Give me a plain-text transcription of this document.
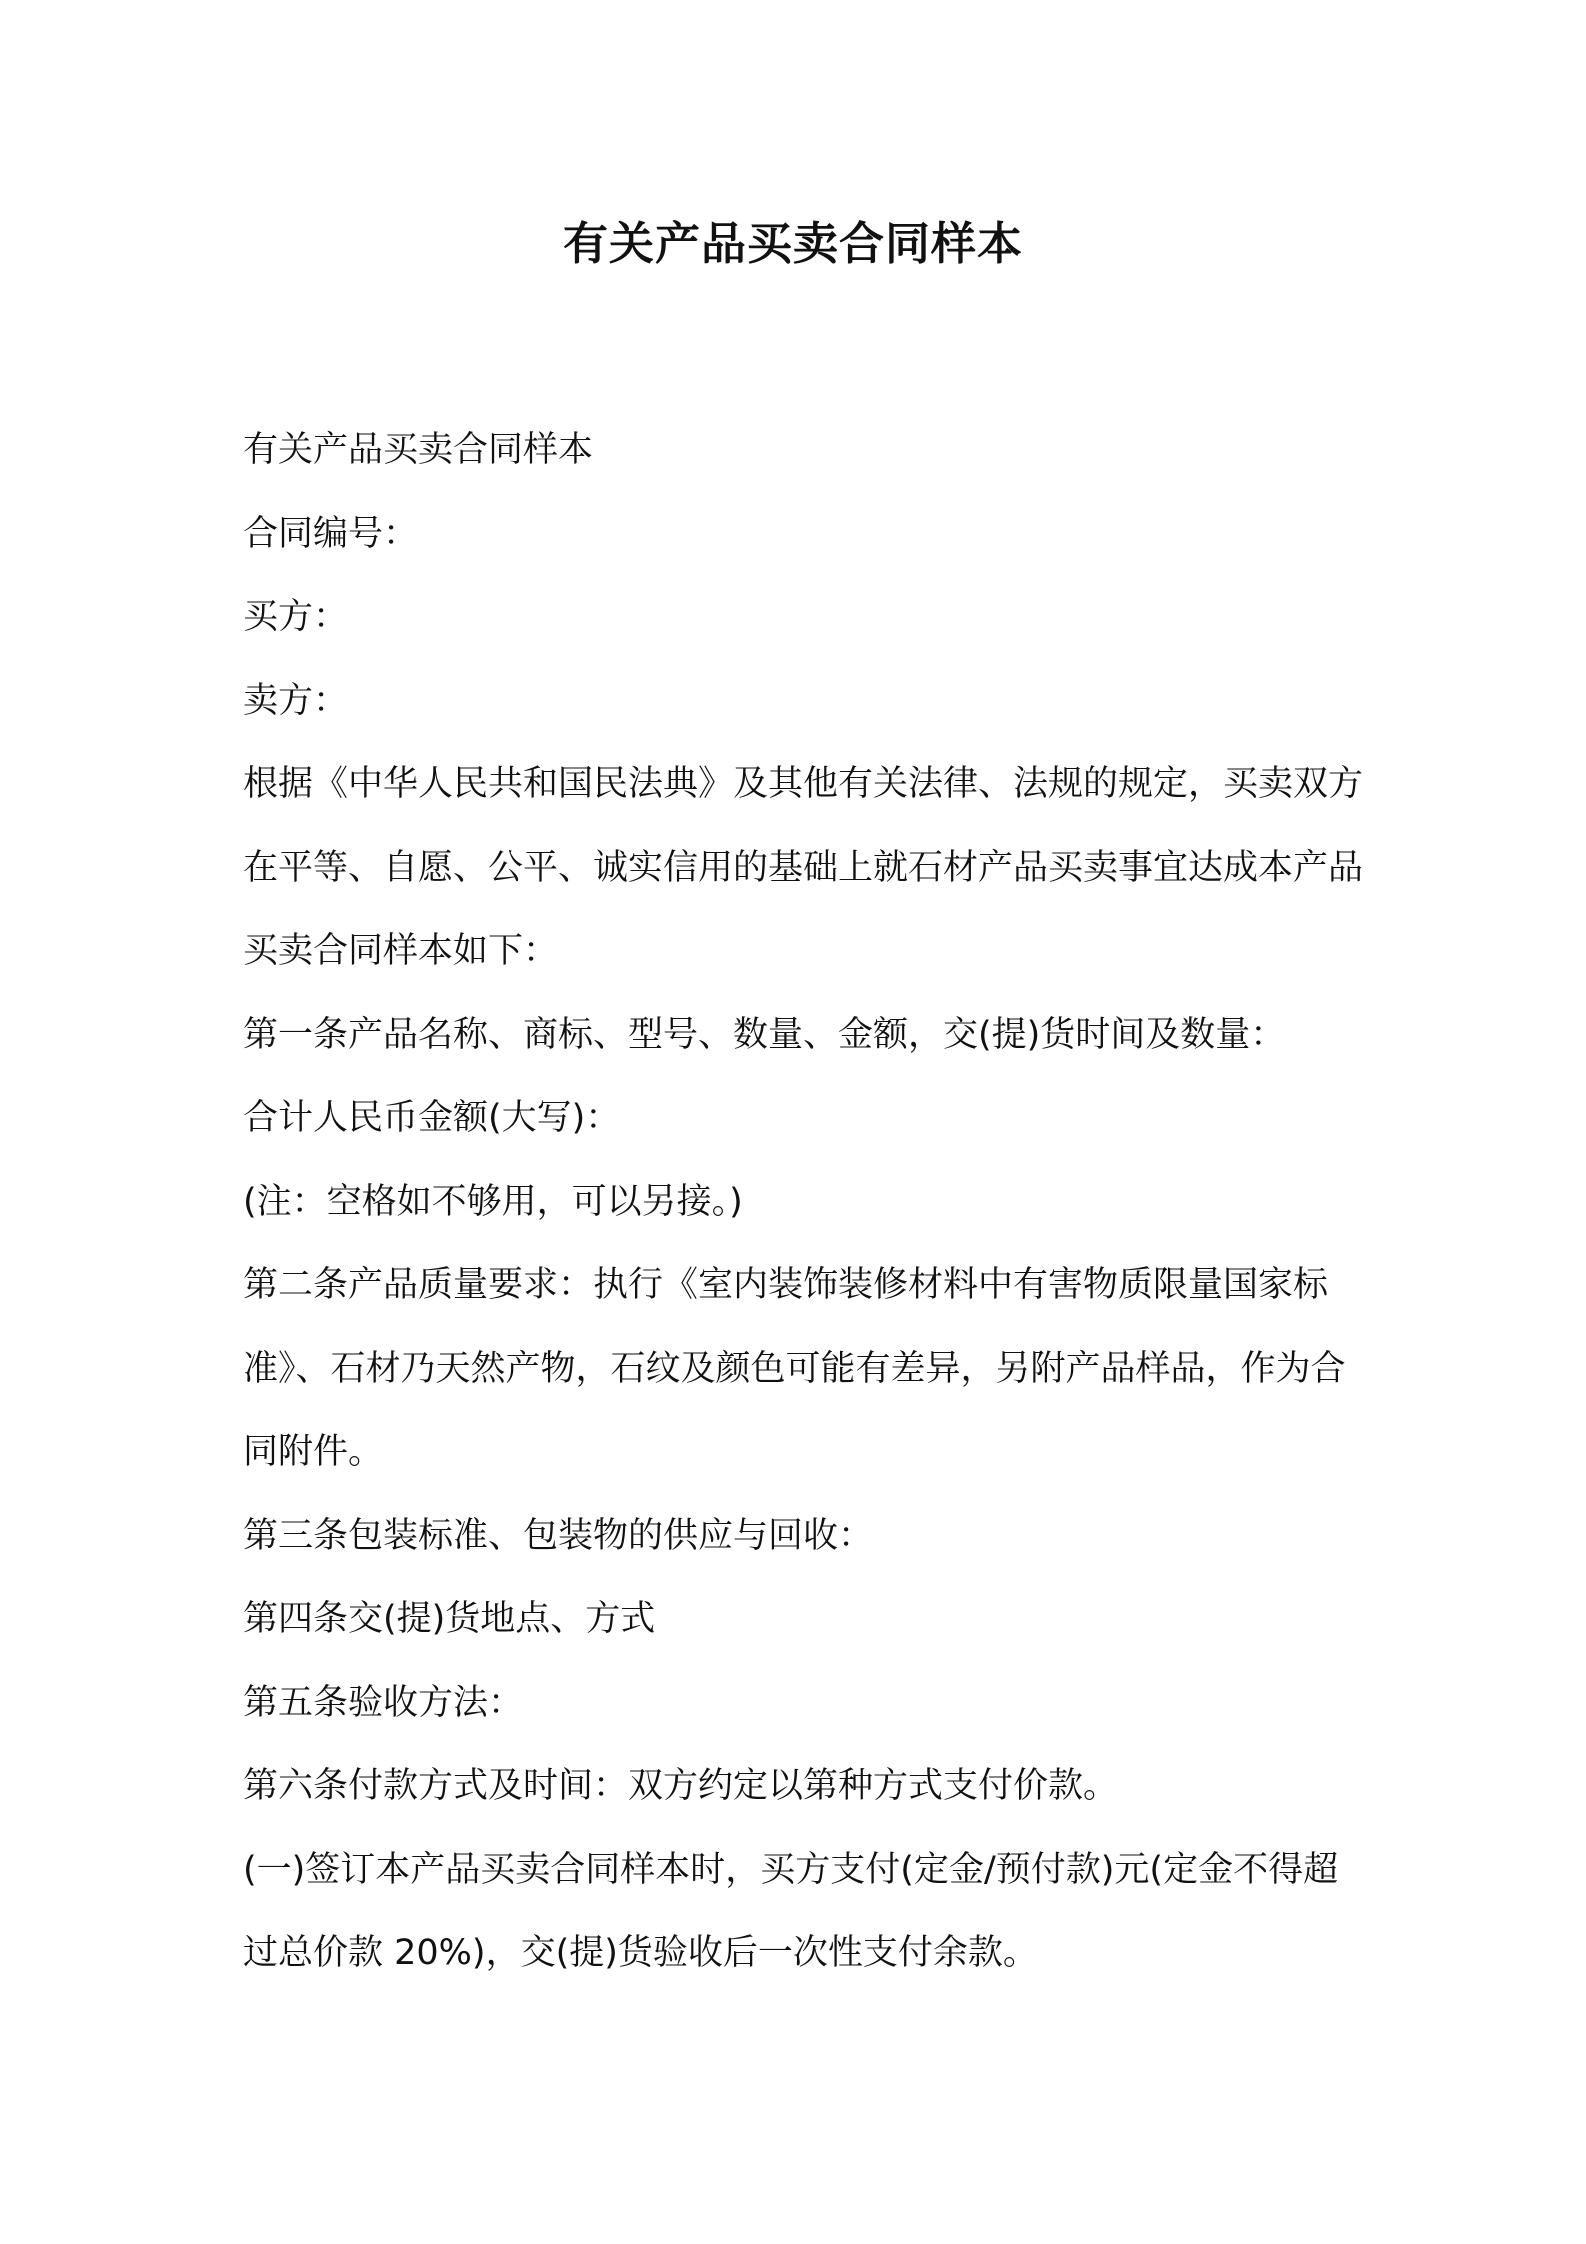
有关产品买卖合同样本

有关产品买卖合同样本

合同编号：

买方：

卖方：

根据《中华人民共和国民法典》及其他有关法律、法规的规定，买卖双方在平等、自愿、公平、诚实信用的基础上就石材产品买卖事宜达成本产品买卖合同样本如下：

第一条产品名称、商标、型号、数量、金额，交(提)货时间及数量：

合计人民币金额(大写)：

(注：空格如不够用，可以另接。)

第二条产品质量要求：执行《室内装饰装修材料中有害物质限量国家标准》、石材乃天然产物，石纹及颜色可能有差异，另附产品样品，作为合同附件。

第三条包装标准、包装物的供应与回收：

第四条交(提)货地点、方式

第五条验收方法：

第六条付款方式及时间：双方约定以第种方式支付价款。

(一)签订本产品买卖合同样本时，买方支付(定金/预付款)元(定金不得超过总价款 20%)，交(提)货验收后一次性支付余款。
